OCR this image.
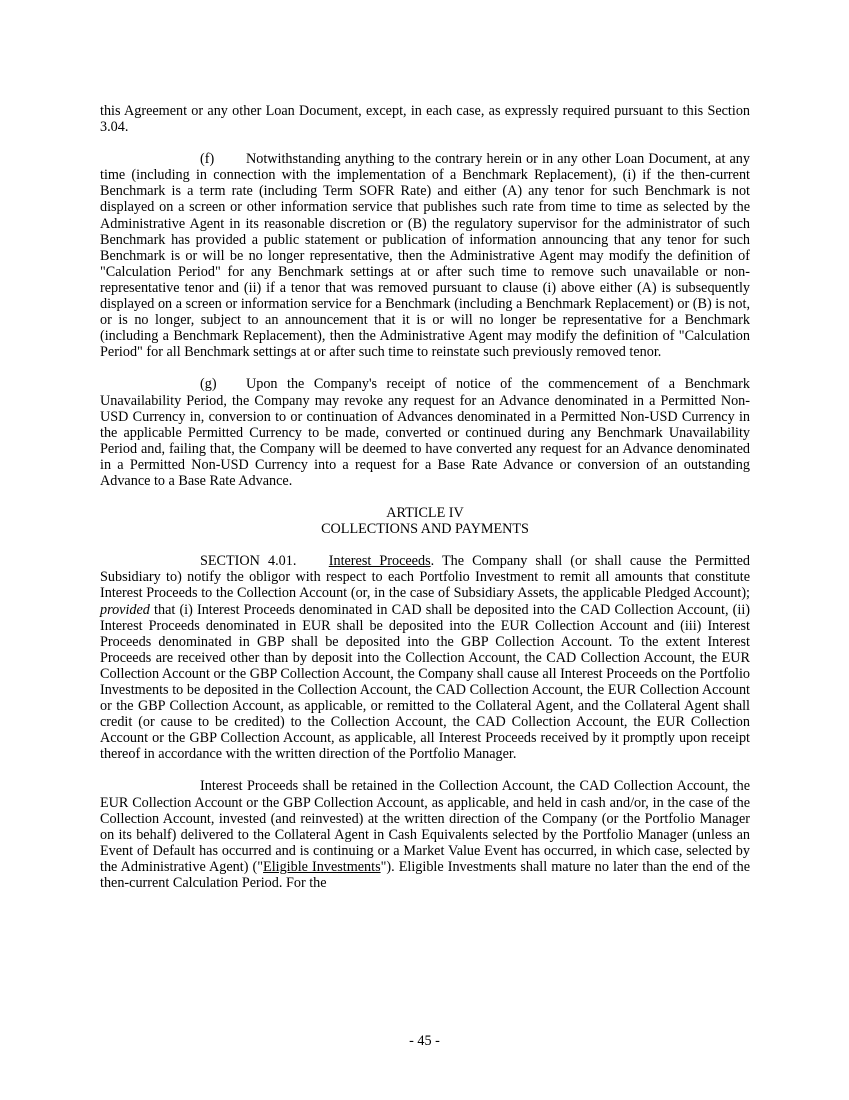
this Agreement or any other Loan Document, except, in each case, as expressly required pursuant to this Section 3.04.

(f) Notwithstanding anything to the contrary herein or in any other Loan Document, at any time (including in connection with the implementation of a Benchmark Replacement), (i) if the then-current Benchmark is a term rate (including Term SOFR Rate) and either (A) any tenor for such Benchmark is not displayed on a screen or other information service that publishes such rate from time to time as selected by the Administrative Agent in its reasonable discretion or (B) the regulatory supervisor for the administrator of such Benchmark has provided a public statement or publication of information announcing that any tenor for such Benchmark is or will be no longer representative, then the Administrative Agent may modify the definition of "Calculation Period" for any Benchmark settings at or after such time to remove such unavailable or non-representative tenor and (ii) if a tenor that was removed pursuant to clause (i) above either (A) is subsequently displayed on a screen or information service for a Benchmark (including a Benchmark Replacement) or (B) is not, or is no longer, subject to an announcement that it is or will no longer be representative for a Benchmark (including a Benchmark Replacement), then the Administrative Agent may modify the definition of "Calculation Period" for all Benchmark settings at or after such time to reinstate such previously removed tenor.

(g) Upon the Company's receipt of notice of the commencement of a Benchmark Unavailability Period, the Company may revoke any request for an Advance denominated in a Permitted Non-USD Currency in, conversion to or continuation of Advances denominated in a Permitted Non-USD Currency in the applicable Permitted Currency to be made, converted or continued during any Benchmark Unavailability Period and, failing that, the Company will be deemed to have converted any request for an Advance denominated in a Permitted Non-USD Currency into a request for a Base Rate Advance or conversion of an outstanding Advance to a Base Rate Advance.

ARTICLE IV
COLLECTIONS AND PAYMENTS

SECTION 4.01. Interest Proceeds. The Company shall (or shall cause the Permitted Subsidiary to) notify the obligor with respect to each Portfolio Investment to remit all amounts that constitute Interest Proceeds to the Collection Account (or, in the case of Subsidiary Assets, the applicable Pledged Account); provided that (i) Interest Proceeds denominated in CAD shall be deposited into the CAD Collection Account, (ii) Interest Proceeds denominated in EUR shall be deposited into the EUR Collection Account and (iii) Interest Proceeds denominated in GBP shall be deposited into the GBP Collection Account. To the extent Interest Proceeds are received other than by deposit into the Collection Account, the CAD Collection Account, the EUR Collection Account or the GBP Collection Account, the Company shall cause all Interest Proceeds on the Portfolio Investments to be deposited in the Collection Account, the CAD Collection Account, the EUR Collection Account or the GBP Collection Account, as applicable, or remitted to the Collateral Agent, and the Collateral Agent shall credit (or cause to be credited) to the Collection Account, the CAD Collection Account, the EUR Collection Account or the GBP Collection Account, as applicable, all Interest Proceeds received by it promptly upon receipt thereof in accordance with the written direction of the Portfolio Manager.

Interest Proceeds shall be retained in the Collection Account, the CAD Collection Account, the EUR Collection Account or the GBP Collection Account, as applicable, and held in cash and/or, in the case of the Collection Account, invested (and reinvested) at the written direction of the Company (or the Portfolio Manager on its behalf) delivered to the Collateral Agent in Cash Equivalents selected by the Portfolio Manager (unless an Event of Default has occurred and is continuing or a Market Value Event has occurred, in which case, selected by the Administrative Agent) ("Eligible Investments"). Eligible Investments shall mature no later than the end of the then-current Calculation Period. For the

- 45 -
